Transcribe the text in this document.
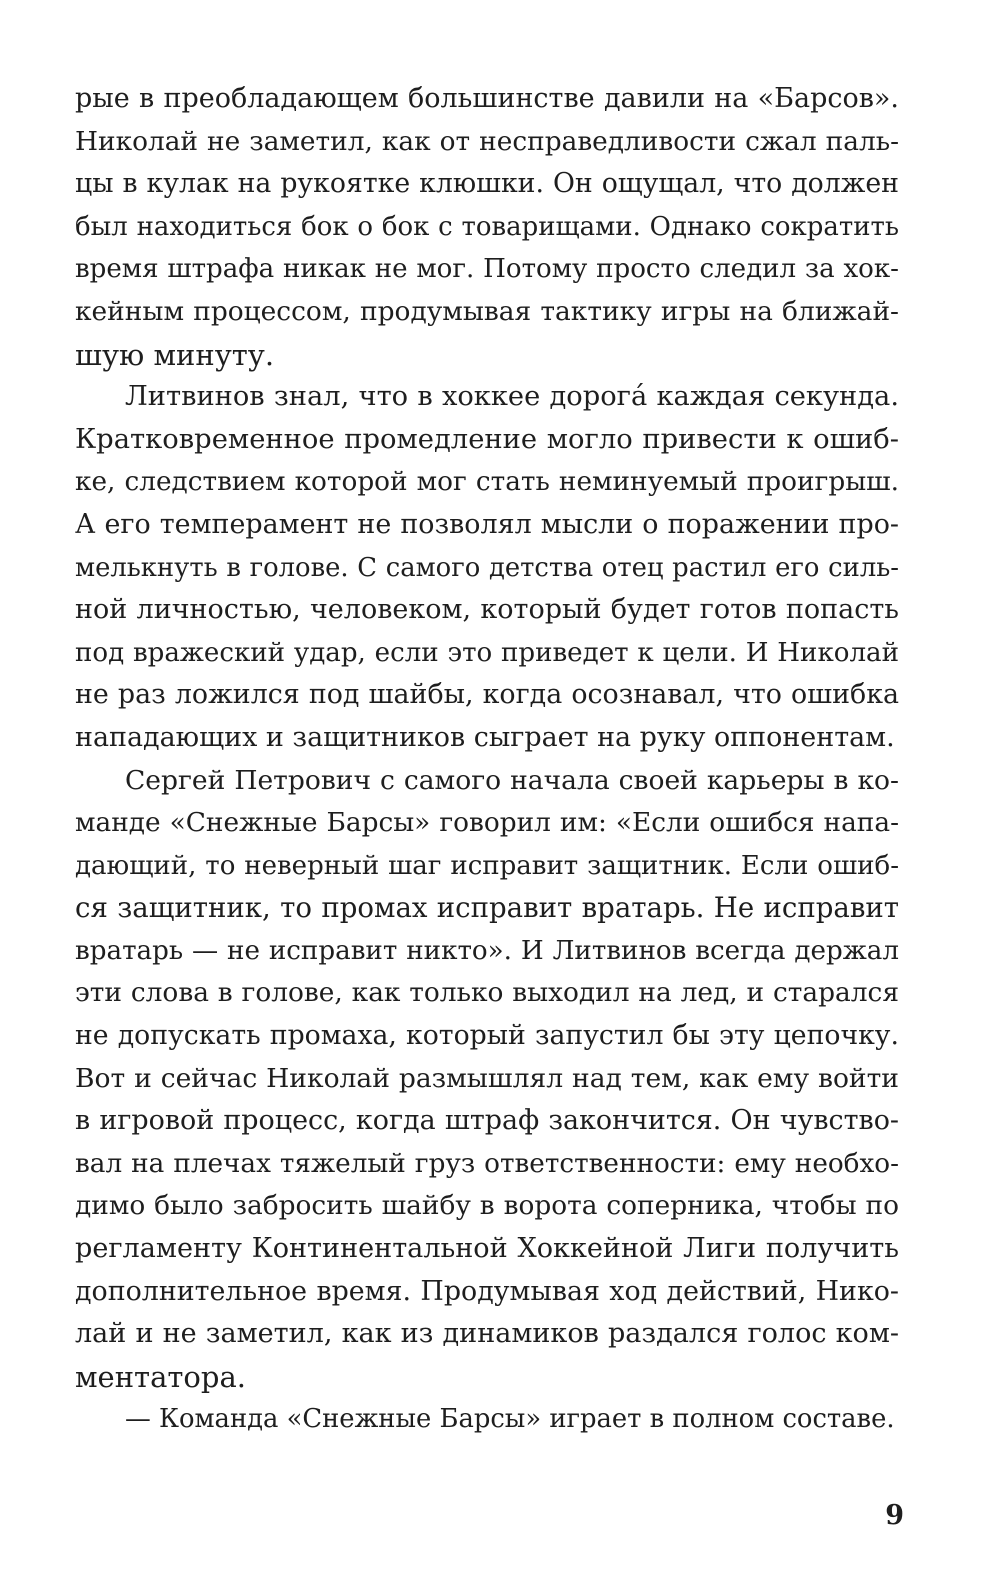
рые в преобладающем большинстве давили на «Барсов».
Николай не заметил, как от несправедливости сжал паль-
цы в кулак на рукоятке клюшки. Он ощущал, что должен
был находиться бок о бок с товарищами. Однако сократить
время штрафа никак не мог. Потому просто следил за хок-
кейным процессом, продумывая тактику игры на ближай-
шую минуту.
Литвинов знал, что в хоккее дорога́ каждая секунда.
Кратковременное промедление могло привести к ошиб-
ке, следствием которой мог стать неминуемый проигрыш.
А его темперамент не позволял мысли о поражении про-
мелькнуть в голове. С самого детства отец растил его силь-
ной личностью, человеком, который будет готов попасть
под вражеский удар, если это приведет к цели. И Николай
не раз ложился под шайбы, когда осознавал, что ошибка
нападающих и защитников сыграет на руку оппонентам.
Сергей Петрович с самого начала своей карьеры в ко-
манде «Снежные Барсы» говорил им: «Если ошибся напа-
дающий, то неверный шаг исправит защитник. Если ошиб-
ся защитник, то промах исправит вратарь. Не исправит
вратарь — не исправит никто». И Литвинов всегда держал
эти слова в голове, как только выходил на лед, и старался
не допускать промаха, который запустил бы эту цепочку.
Вот и сейчас Николай размышлял над тем, как ему войти
в игровой процесс, когда штраф закончится. Он чувство-
вал на плечах тяжелый груз ответственности: ему необхо-
димо было забросить шайбу в ворота соперника, чтобы по
регламенту Континентальной Хоккейной Лиги получить
дополнительное время. Продумывая ход действий, Нико-
лай и не заметил, как из динамиков раздался голос ком-
ментатора.
— Команда «Снежные Барсы» играет в полном составе.
9
